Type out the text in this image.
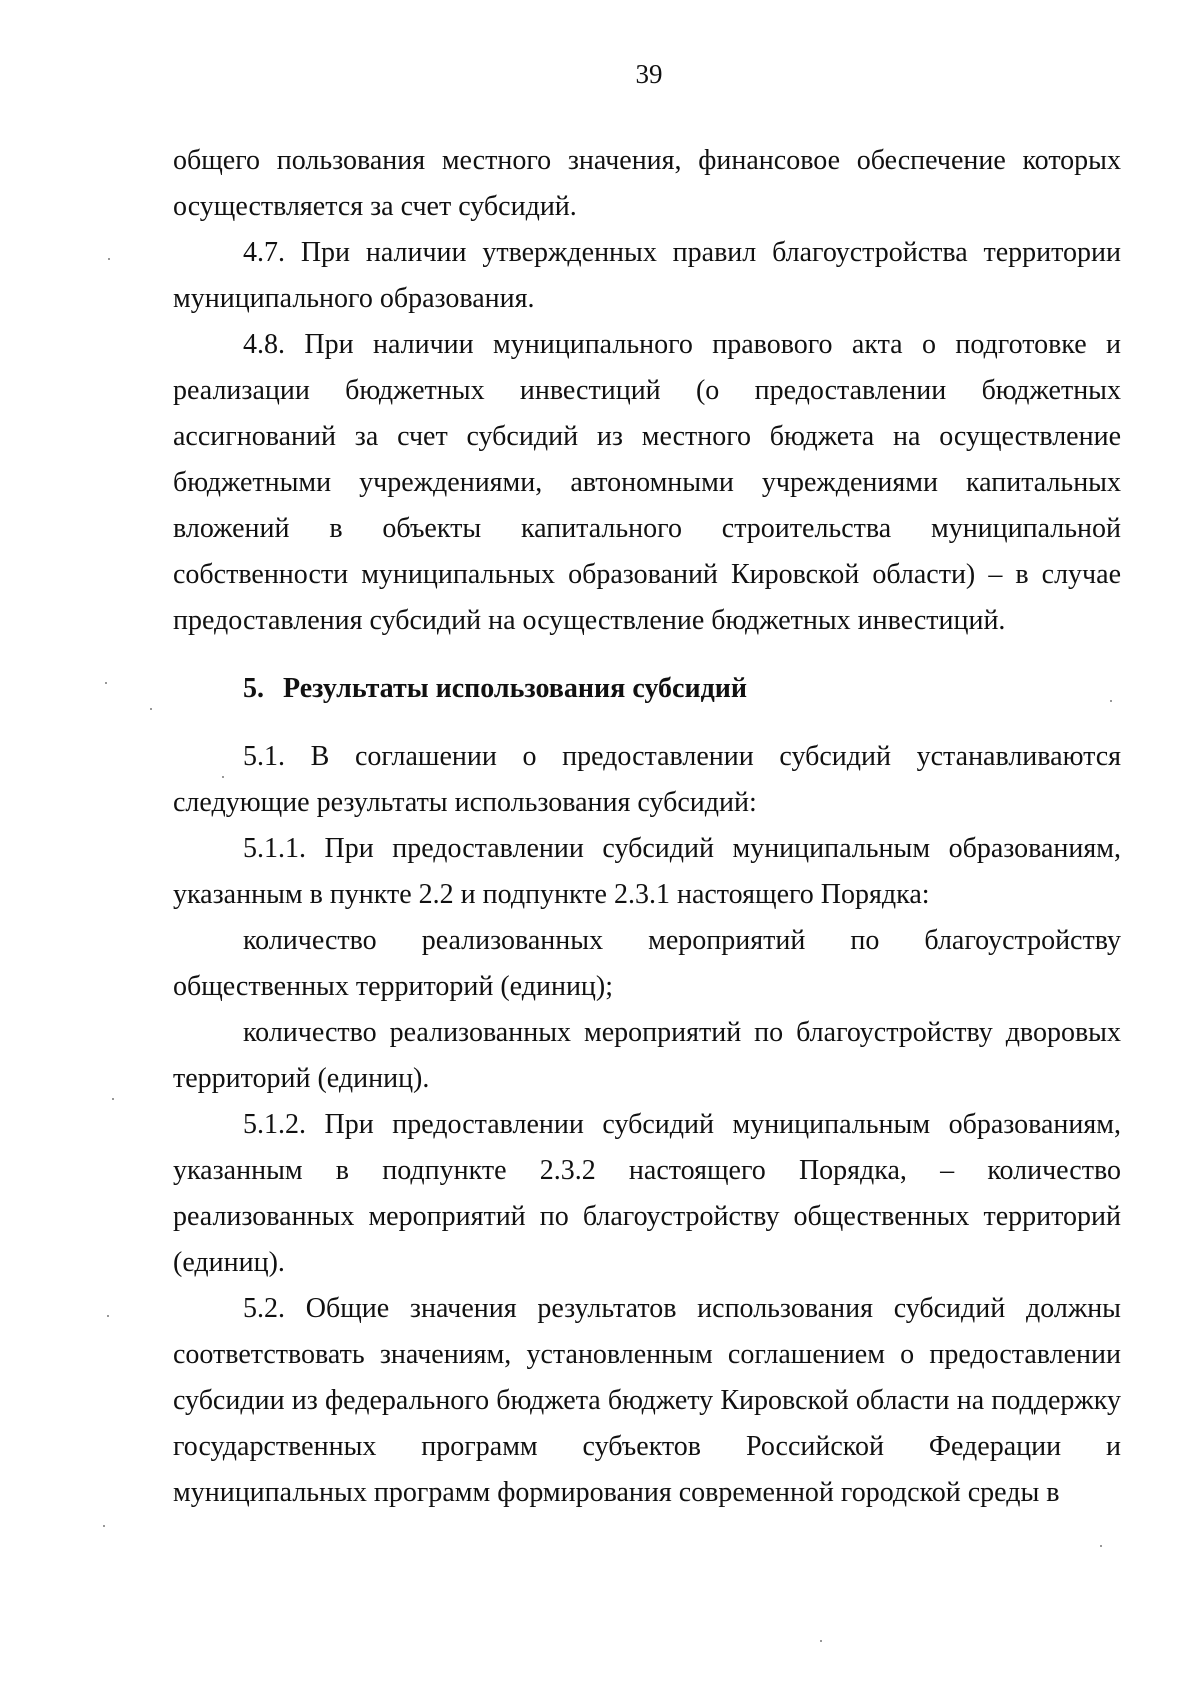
39

общего пользования местного значения, финансовое обеспечение которых осуществляется за счет субсидий.

4.7. При наличии утвержденных правил благоустройства территории муниципального образования.

4.8. При наличии муниципального правового акта о подготовке и реализации бюджетных инвестиций (о предоставлении бюджетных ассигнований за счет субсидий из местного бюджета на осуществление бюджетными учреждениями, автономными учреждениями капитальных вложений в объекты капитального строительства муниципальной собственности муниципальных образований Кировской области) – в случае предоставления субсидий на осуществление бюджетных инвестиций.

5. Результаты использования субсидий

5.1. В соглашении о предоставлении субсидий устанавливаются следующие результаты использования субсидий:

5.1.1. При предоставлении субсидий муниципальным образованиям, указанным в пункте 2.2 и подпункте 2.3.1 настоящего Порядка:

количество реализованных мероприятий по благоустройству общественных территорий (единиц);

количество реализованных мероприятий по благоустройству дворовых территорий (единиц).

5.1.2. При предоставлении субсидий муниципальным образованиям, указанным в подпункте 2.3.2 настоящего Порядка, – количество реализованных мероприятий по благоустройству общественных территорий (единиц).

5.2. Общие значения результатов использования субсидий должны соответствовать значениям, установленным соглашением о предоставлении субсидии из федерального бюджета бюджету Кировской области на поддержку государственных программ субъектов Российской Федерации и муниципальных программ формирования современной городской среды в
